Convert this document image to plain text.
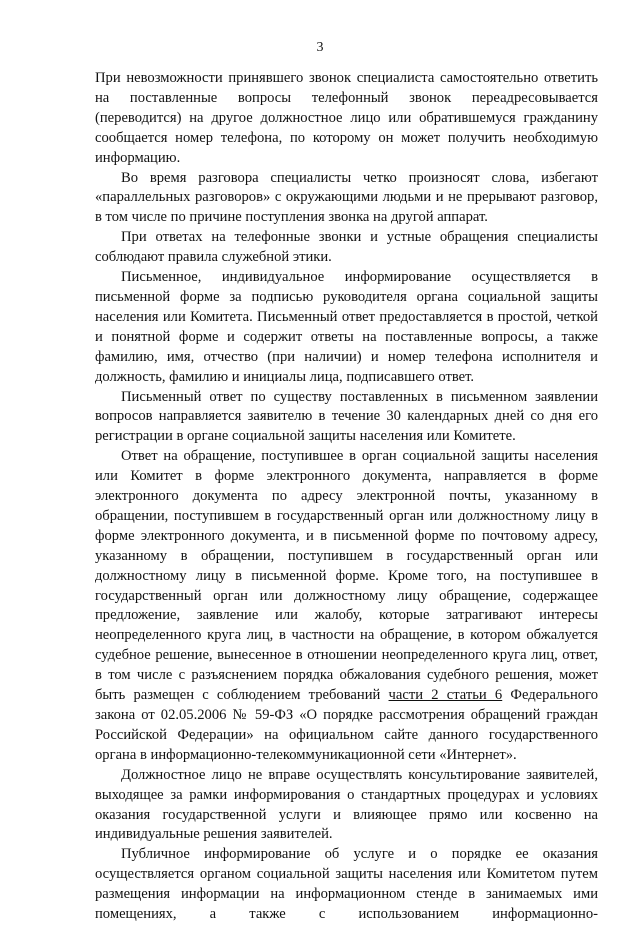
3

При невозможности принявшего звонок специалиста самостоятельно ответить на поставленные вопросы телефонный звонок переадресовывается (переводится) на другое должностное лицо или обратившемуся гражданину сообщается номер телефона, по которому он может получить необходимую информацию.

Во время разговора специалисты четко произносят слова, избегают «параллельных разговоров» с окружающими людьми и не прерывают разговор, в том числе по причине поступления звонка на другой аппарат.

При ответах на телефонные звонки и устные обращения специалисты соблюдают правила служебной этики.

Письменное, индивидуальное информирование осуществляется в письменной форме за подписью руководителя органа социальной защиты населения или Комитета. Письменный ответ предоставляется в простой, четкой и понятной форме и содержит ответы на поставленные вопросы, а также фамилию, имя, отчество (при наличии) и номер телефона исполнителя и должность, фамилию и инициалы лица, подписавшего ответ.

Письменный ответ по существу поставленных в письменном заявлении вопросов направляется заявителю в течение 30 календарных дней со дня его регистрации в органе социальной защиты населения или Комитете.

Ответ на обращение, поступившее в орган социальной защиты населения или Комитет в форме электронного документа, направляется в форме электронного документа по адресу электронной почты, указанному в обращении, поступившем в государственный орган или должностному лицу в форме электронного документа, и в письменной форме по почтовому адресу, указанному в обращении, поступившем в государственный орган или должностному лицу в письменной форме. Кроме того, на поступившее в государственный орган или должностному лицу обращение, содержащее предложение, заявление или жалобу, которые затрагивают интересы неопределенного круга лиц, в частности на обращение, в котором обжалуется судебное решение, вынесенное в отношении неопределенного круга лиц, ответ, в том числе с разъяснением порядка обжалования судебного решения, может быть размещен с соблюдением требований части 2 статьи 6 Федерального закона от 02.05.2006 № 59-ФЗ «О порядке рассмотрения обращений граждан Российской Федерации» на официальном сайте данного государственного органа в информационно-телекоммуникационной сети «Интернет».

Должностное лицо не вправе осуществлять консультирование заявителей, выходящее за рамки информирования о стандартных процедурах и условиях оказания государственной услуги и влияющее прямо или косвенно на индивидуальные решения заявителей.

Публичное информирование об услуге и о порядке ее оказания осуществляется органом социальной защиты населения или Комитетом путем размещения информации на информационном стенде в занимаемых ими помещениях, а также с использованием информационно-
